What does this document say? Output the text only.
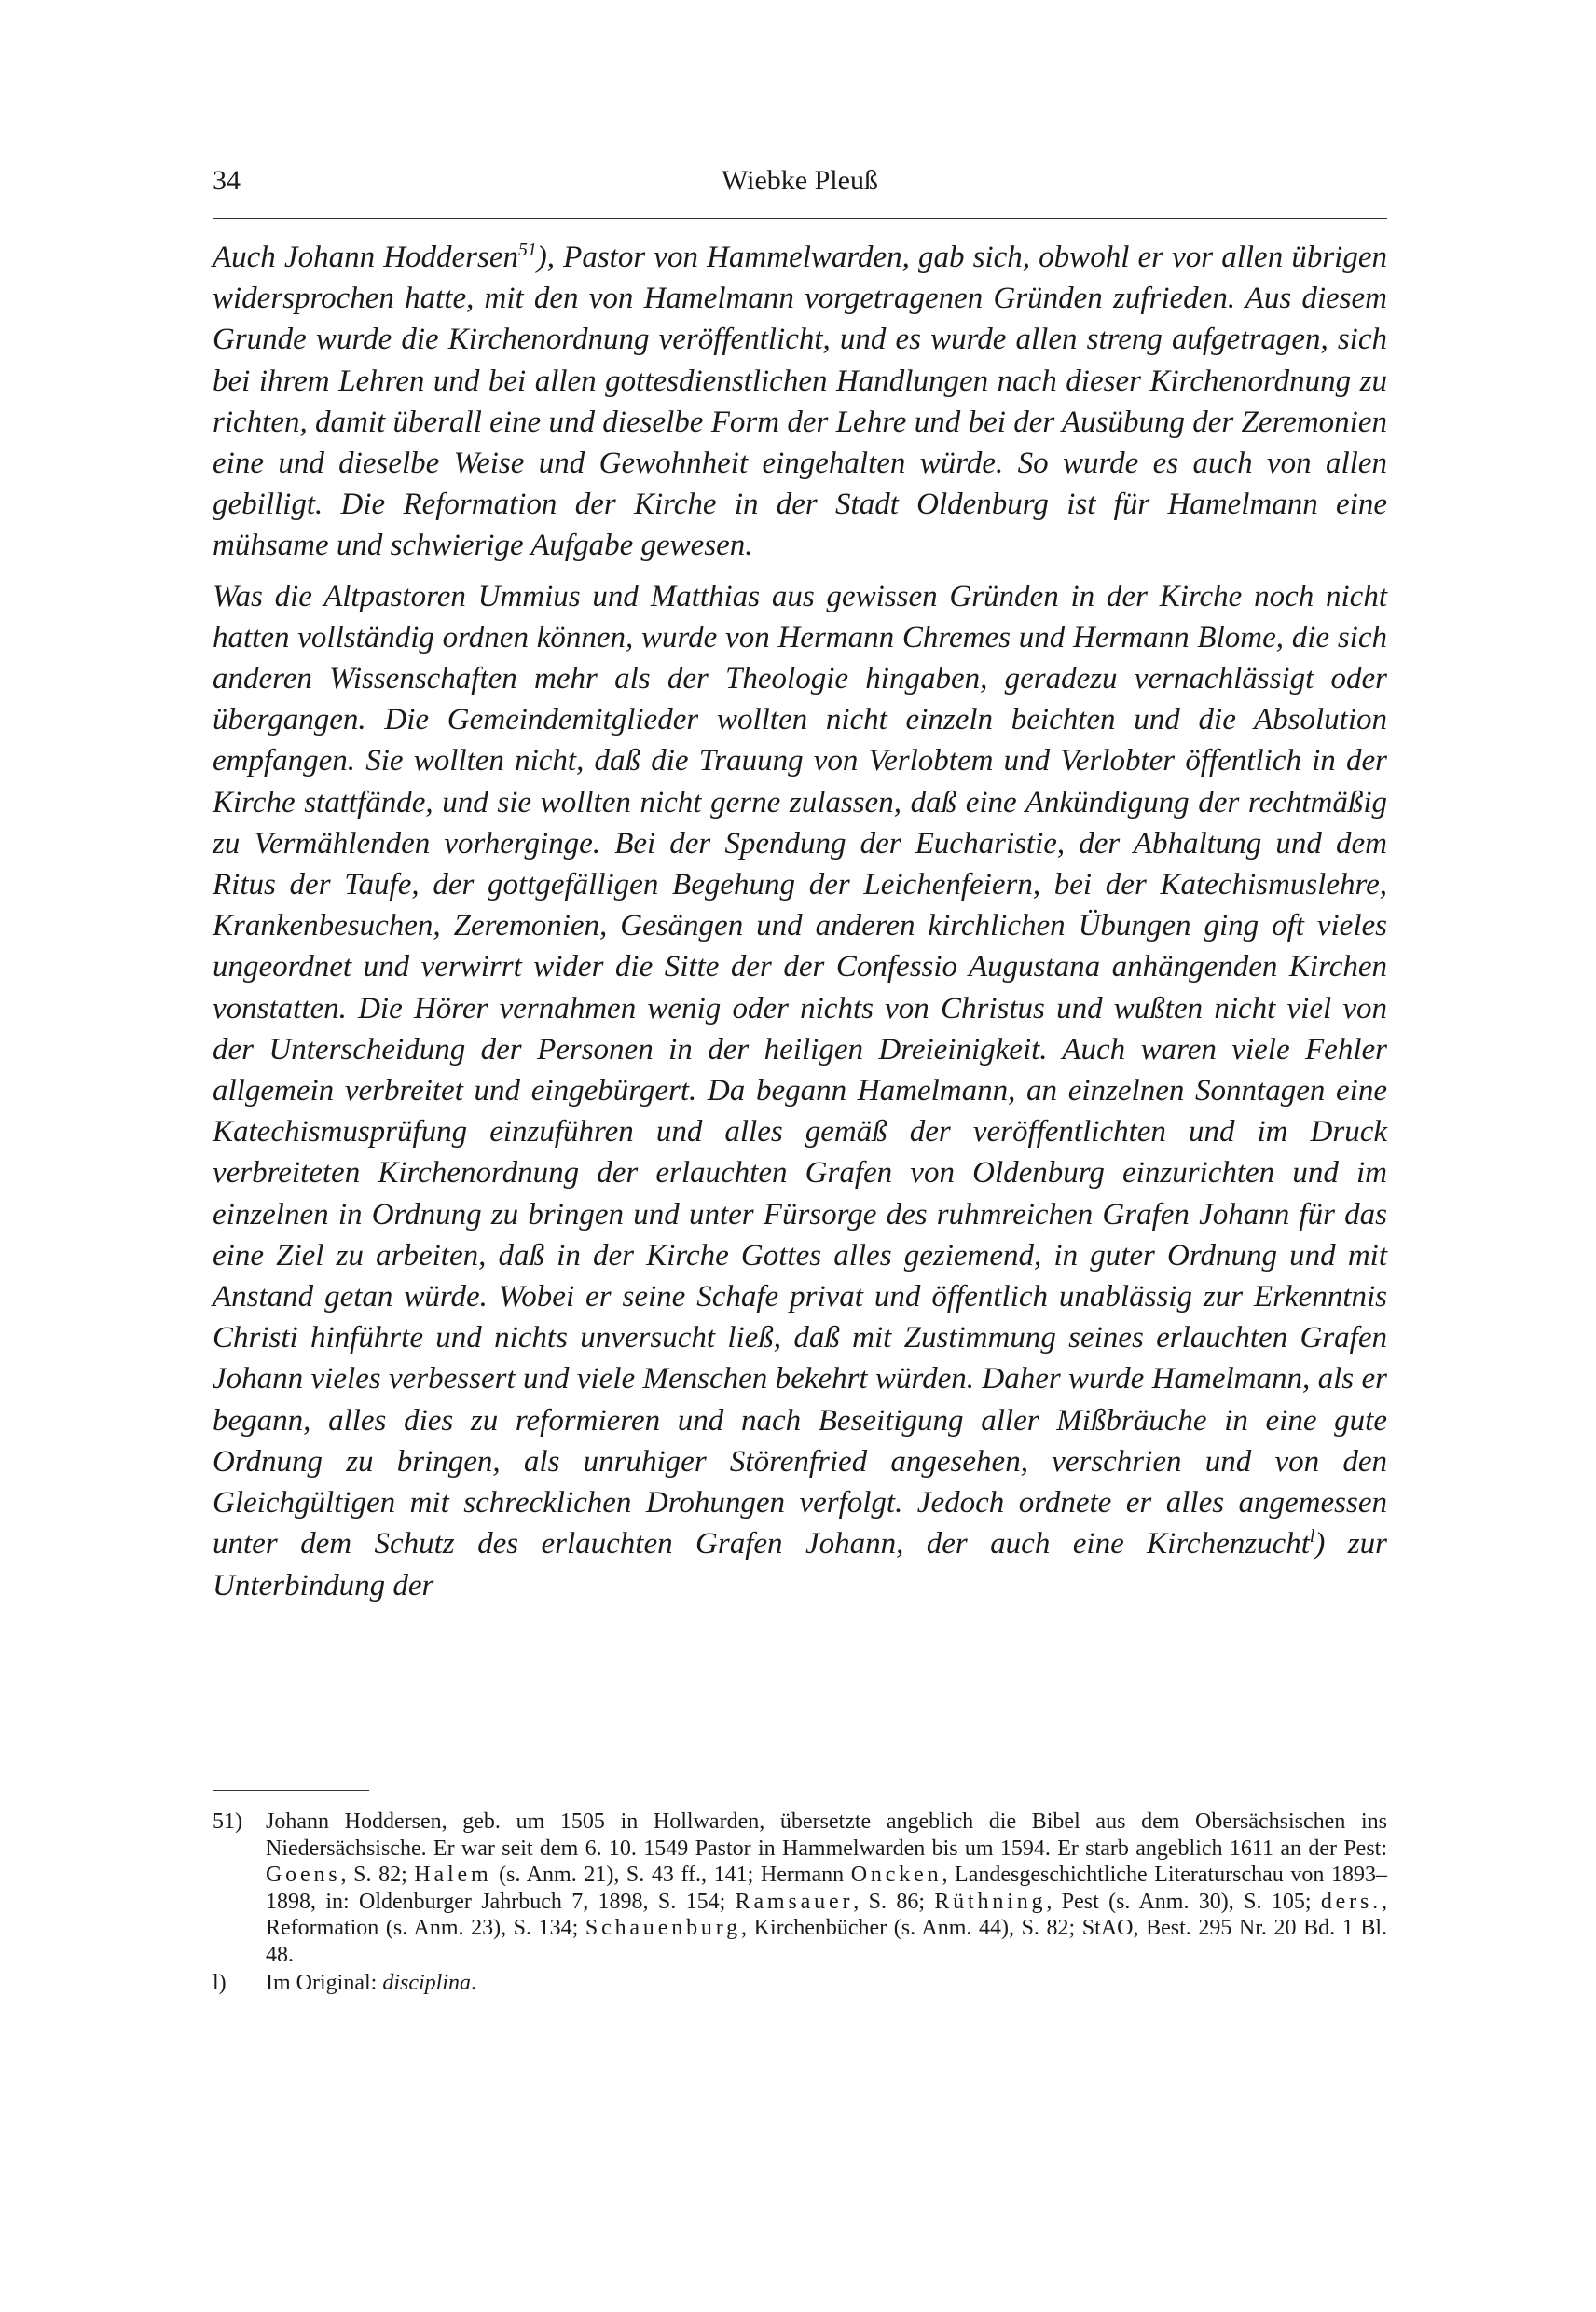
34	Wiebke Pleuß

Auch Johann Hoddersen$^{51}$), Pastor von Hammelwarden, gab sich, obwohl er vor allen übrigen widersprochen hatte, mit den von Hamelmann vorgetragenen Gründen zufrieden. Aus diesem Grunde wurde die Kirchenordnung veröffentlicht, und es wurde allen streng aufgetragen, sich bei ihrem Lehren und bei allen gottesdienstlichen Handlungen nach dieser Kirchenordnung zu richten, damit überall eine und dieselbe Form der Lehre und bei der Ausübung der Zeremonien eine und dieselbe Weise und Gewohnheit eingehalten würde. So wurde es auch von allen gebilligt. Die Reformation der Kirche in der Stadt Oldenburg ist für Hamelmann eine mühsame und schwierige Aufgabe gewesen.

Was die Altpastoren Ummius und Matthias aus gewissen Gründen in der Kirche noch nicht hatten vollständig ordnen können, wurde von Hermann Chremes und Hermann Blome, die sich anderen Wissenschaften mehr als der Theologie hingaben, geradezu vernachlässigt oder übergangen. Die Gemeindemitglieder wollten nicht einzeln beichten und die Absolution empfangen. Sie wollten nicht, daß die Trauung von Verlobtem und Verlobter öffentlich in der Kirche stattfände, und sie wollten nicht gerne zulassen, daß eine Ankündigung der rechtmäßig zu Vermählenden vorherginge. Bei der Spendung der Eucharistie, der Abhaltung und dem Ritus der Taufe, der gottgefälligen Begehung der Leichenfeiern, bei der Katechismuslehre, Krankenbesuchen, Zeremonien, Gesängen und anderen kirchlichen Übungen ging oft vieles ungeordnet und verwirrt wider die Sitte der der Confessio Augustana anhängenden Kirchen vonstatten. Die Hörer vernahmen wenig oder nichts von Christus und wußten nicht viel von der Unterscheidung der Personen in der heiligen Dreieinigkeit. Auch waren viele Fehler allgemein verbreitet und eingebürgert. Da begann Hamelmann, an einzelnen Sonntagen eine Katechismusprüfung einzuführen und alles gemäß der veröffentlichten und im Druck verbreiteten Kirchenordnung der erlauchten Grafen von Oldenburg einzurichten und im einzelnen in Ordnung zu bringen und unter Fürsorge des ruhmreichen Grafen Johann für das eine Ziel zu arbeiten, daß in der Kirche Gottes alles geziemend, in guter Ordnung und mit Anstand getan würde. Wobei er seine Schafe privat und öffentlich unablässig zur Erkenntnis Christi hinführte und nichts unversucht ließ, daß mit Zustimmung seines erlauchten Grafen Johann vieles verbessert und viele Menschen bekehrt würden. Daher wurde Hamelmann, als er begann, alles dies zu reformieren und nach Beseitigung aller Mißbräuche in eine gute Ordnung zu bringen, als unruhiger Störenfried angesehen, verschrien und von den Gleichgültigen mit schrecklichen Drohungen verfolgt. Jedoch ordnete er alles angemessen unter dem Schutz des erlauchten Grafen Johann, der auch eine Kirchenzucht$^l$) zur Unterbindung der

51) Johann Hoddersen, geb. um 1505 in Hollwarden, übersetzte angeblich die Bibel aus dem Obersächsischen ins Niedersächsische. Er war seit dem 6. 10. 1549 Pastor in Hammelwarden bis um 1594. Er starb angeblich 1611 an der Pest: Goens, S. 82; Halem (s. Anm. 21), S. 43 ff., 141; Hermann Oncken, Landesgeschichtliche Literaturschau von 1893–1898, in: Oldenburger Jahrbuch 7, 1898, S. 154; Ramsauer, S. 86; Rüthning, Pest (s. Anm. 30), S. 105; ders., Reformation (s. Anm. 23), S. 134; Schauenburg, Kirchenbücher (s. Anm. 44), S. 82; StAO, Best. 295 Nr. 20 Bd. 1 Bl. 48.
l) Im Original: disciplina.
